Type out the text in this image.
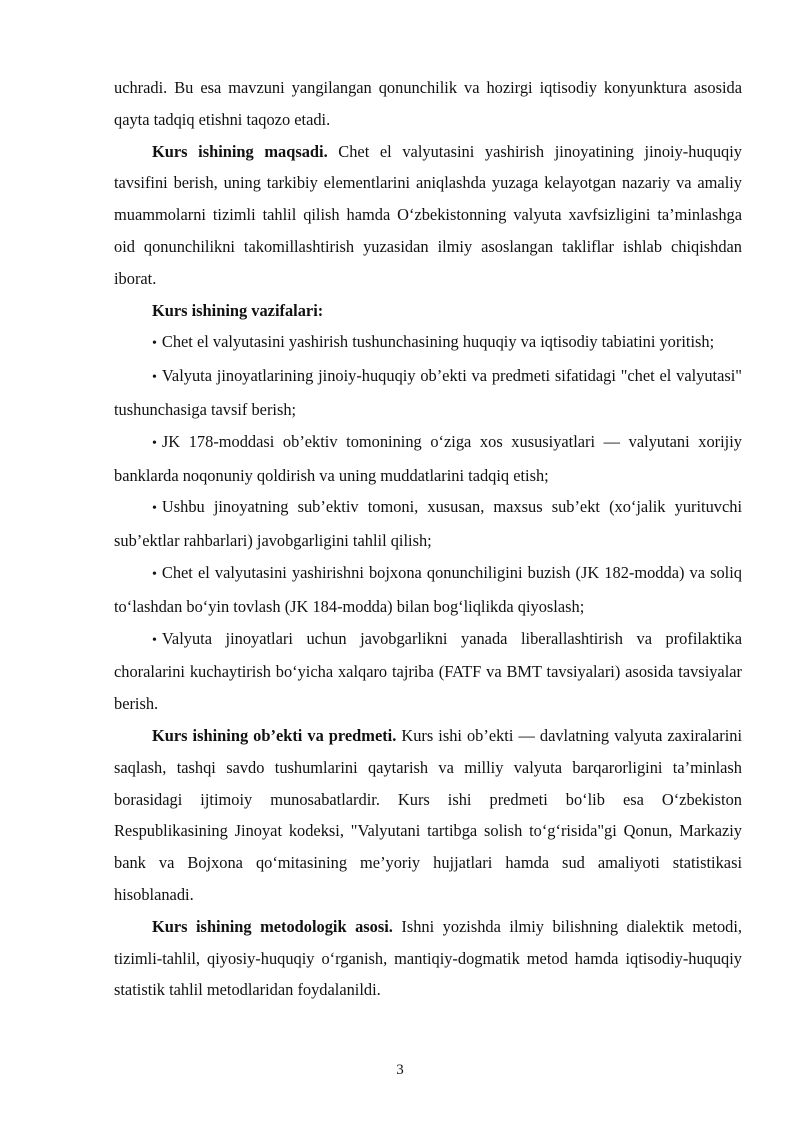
uchradi. Bu esa mavzuni yangilangan qonunchilik va hozirgi iqtisodiy konyunktura asosida qayta tadqiq etishni taqozo etadi.

Kurs ishining maqsadi. Chet el valyutasini yashirish jinoyatining jinoiy-huquqiy tavsifini berish, uning tarkibiy elementlarini aniqlashda yuzaga kelayotgan nazariy va amaliy muammolarni tizimli tahlil qilish hamda O‘zbekistonning valyuta xavfsizligini ta’minlashga oid qonunchilikni takomillashtirish yuzasidan ilmiy asoslangan takliflar ishlab chiqishdan iborat.

Kurs ishining vazifalari:

• Chet el valyutasini yashirish tushunchasining huquqiy va iqtisodiy tabiatini yoritish;

• Valyuta jinoyatlarining jinoiy-huquqiy ob’ekti va predmeti sifatidagi "chet el valyutasi" tushunchasiga tavsif berish;

• JK 178-moddasi ob’ektiv tomonining o‘ziga xos xususiyatlari — valyutani xorijiy banklarda noqonuniy qoldirish va uning muddatlarini tadqiq etish;

• Ushbu jinoyatning sub’ektiv tomoni, xususan, maxsus sub’ekt (xo‘jalik yurituvchi sub’ektlar rahbarlari) javobgarligini tahlil qilish;

• Chet el valyutasini yashirishni bojxona qonunchiligini buzish (JK 182-modda) va soliq to‘lashdan bo‘yin tovlash (JK 184-modda) bilan bog‘liqlikda qiyoslash;

• Valyuta jinoyatlari uchun javobgarlikni yanada liberallashtirish va profilaktika choralarini kuchaytirish bo‘yicha xalqaro tajriba (FATF va BMT tavsiyalari) asosida tavsiyalar berish.

Kurs ishining ob’ekti va predmeti. Kurs ishi ob’ekti — davlatning valyuta zaxiralarini saqlash, tashqi savdo tushumlarini qaytarish va milliy valyuta barqarorligini ta’minlash borasidagi ijtimoiy munosabatlardir. Kurs ishi predmeti bo‘lib esa O‘zbekiston Respublikasining Jinoyat kodeksi, "Valyutani tartibga solish to‘g‘risida"gi Qonun, Markaziy bank va Bojxona qo‘mitasining me’yoriy hujjatlari hamda sud amaliyoti statistikasi hisoblanadi.

Kurs ishining metodologik asosi. Ishni yozishda ilmiy bilishning dialektik metodi, tizimli-tahlil, qiyosiy-huquqiy o‘rganish, mantiqiy-dogmatik metod hamda iqtisodiy-huquqiy statistik tahlil metodlaridan foydalanildi.

3
